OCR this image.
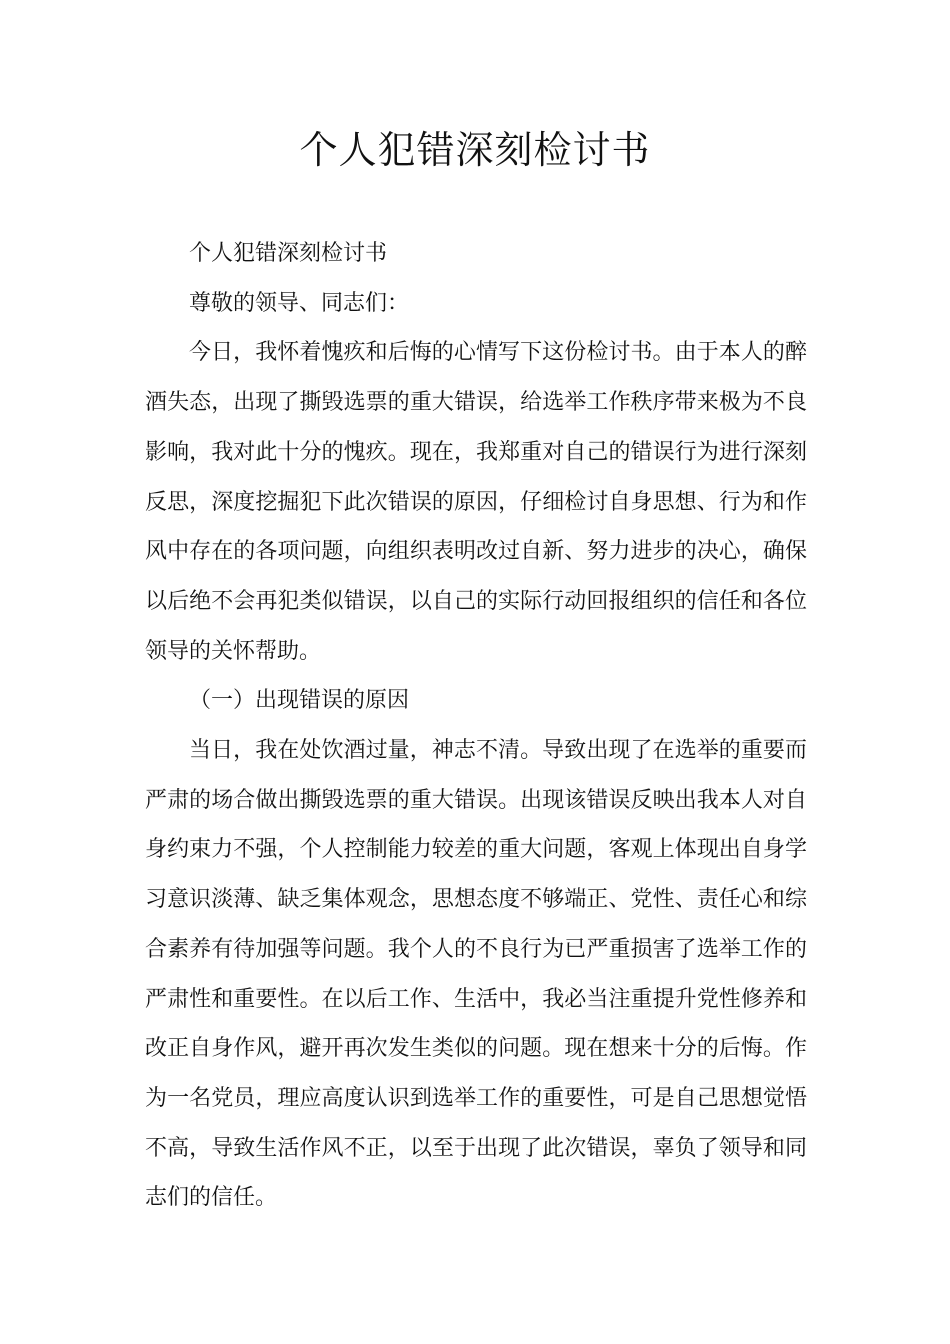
个人犯错深刻检讨书

个人犯错深刻检讨书

尊敬的领导、同志们：

今日，我怀着愧疚和后悔的心情写下这份检讨书。由于本人的醉酒失态，出现了撕毁选票的重大错误，给选举工作秩序带来极为不良影响，我对此十分的愧疚。现在，我郑重对自己的错误行为进行深刻反思，深度挖掘犯下此次错误的原因，仔细检讨自身思想、行为和作风中存在的各项问题，向组织表明改过自新、努力进步的决心，确保以后绝不会再犯类似错误，以自己的实际行动回报组织的信任和各位领导的关怀帮助。

（一）出现错误的原因

当日，我在处饮酒过量，神志不清。导致出现了在选举的重要而严肃的场合做出撕毁选票的重大错误。出现该错误反映出我本人对自身约束力不强，个人控制能力较差的重大问题，客观上体现出自身学习意识淡薄、缺乏集体观念，思想态度不够端正、党性、责任心和综合素养有待加强等问题。我个人的不良行为已严重损害了选举工作的严肃性和重要性。在以后工作、生活中，我必当注重提升党性修养和改正自身作风，避开再次发生类似的问题。现在想来十分的后悔。作为一名党员，理应高度认识到选举工作的重要性，可是自己思想觉悟不高，导致生活作风不正，以至于出现了此次错误，辜负了领导和同志们的信任。
